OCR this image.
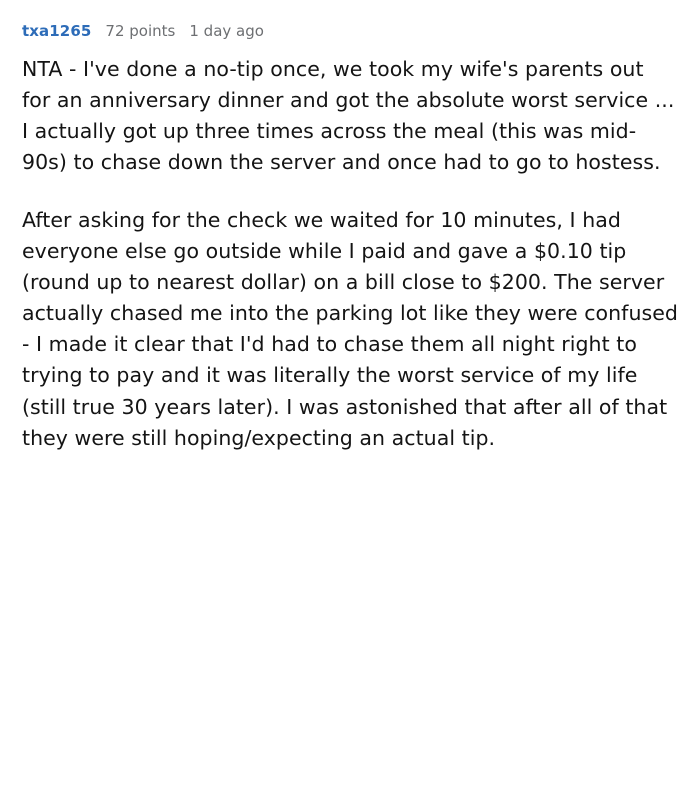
txa1265 72 points 1 day ago

NTA - I've done a no-tip once, we took my wife's parents out for an anniversary dinner and got the absolute worst service ... I actually got up three times across the meal (this was mid-90s) to chase down the server and once had to go to hostess.

After asking for the check we waited for 10 minutes, I had everyone else go outside while I paid and gave a $0.10 tip (round up to nearest dollar) on a bill close to $200. The server actually chased me into the parking lot like they were confused - I made it clear that I'd had to chase them all night right to trying to pay and it was literally the worst service of my life (still true 30 years later). I was astonished that after all of that they were still hoping/expecting an actual tip.
